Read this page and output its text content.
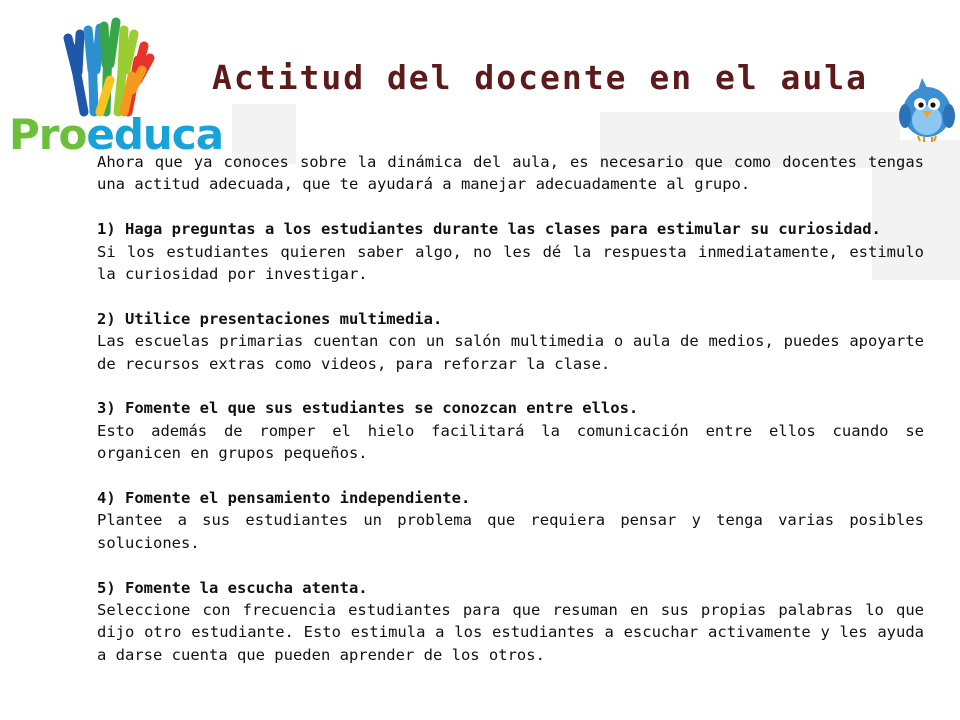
Proeduca
Actitud del docente en el aula

Ahora que ya conoces sobre la dinámica del aula, es necesario que como docentes tengas una actitud adecuada, que te ayudará a manejar adecuadamente al grupo.

1) Haga preguntas a los estudiantes durante las clases para estimular su curiosidad.
Si los estudiantes quieren saber algo, no les dé la respuesta inmediatamente, estimulo la curiosidad por investigar.

2) Utilice presentaciones multimedia.
Las escuelas primarias cuentan con un salón multimedia o aula de medios, puedes apoyarte de recursos extras como videos, para reforzar la clase.

3) Fomente el que sus estudiantes se conozcan entre ellos.
Esto además de romper el hielo facilitará la comunicación entre ellos cuando se organicen en grupos pequeños.

4) Fomente el pensamiento independiente.
Plantee a sus estudiantes un problema que requiera pensar y tenga varias posibles soluciones.

5) Fomente la escucha atenta.
Seleccione con frecuencia estudiantes para que resuman en sus propias palabras lo que dijo otro estudiante. Esto estimula a los estudiantes a escuchar activamente y les ayuda a darse cuenta que pueden aprender de los otros.
